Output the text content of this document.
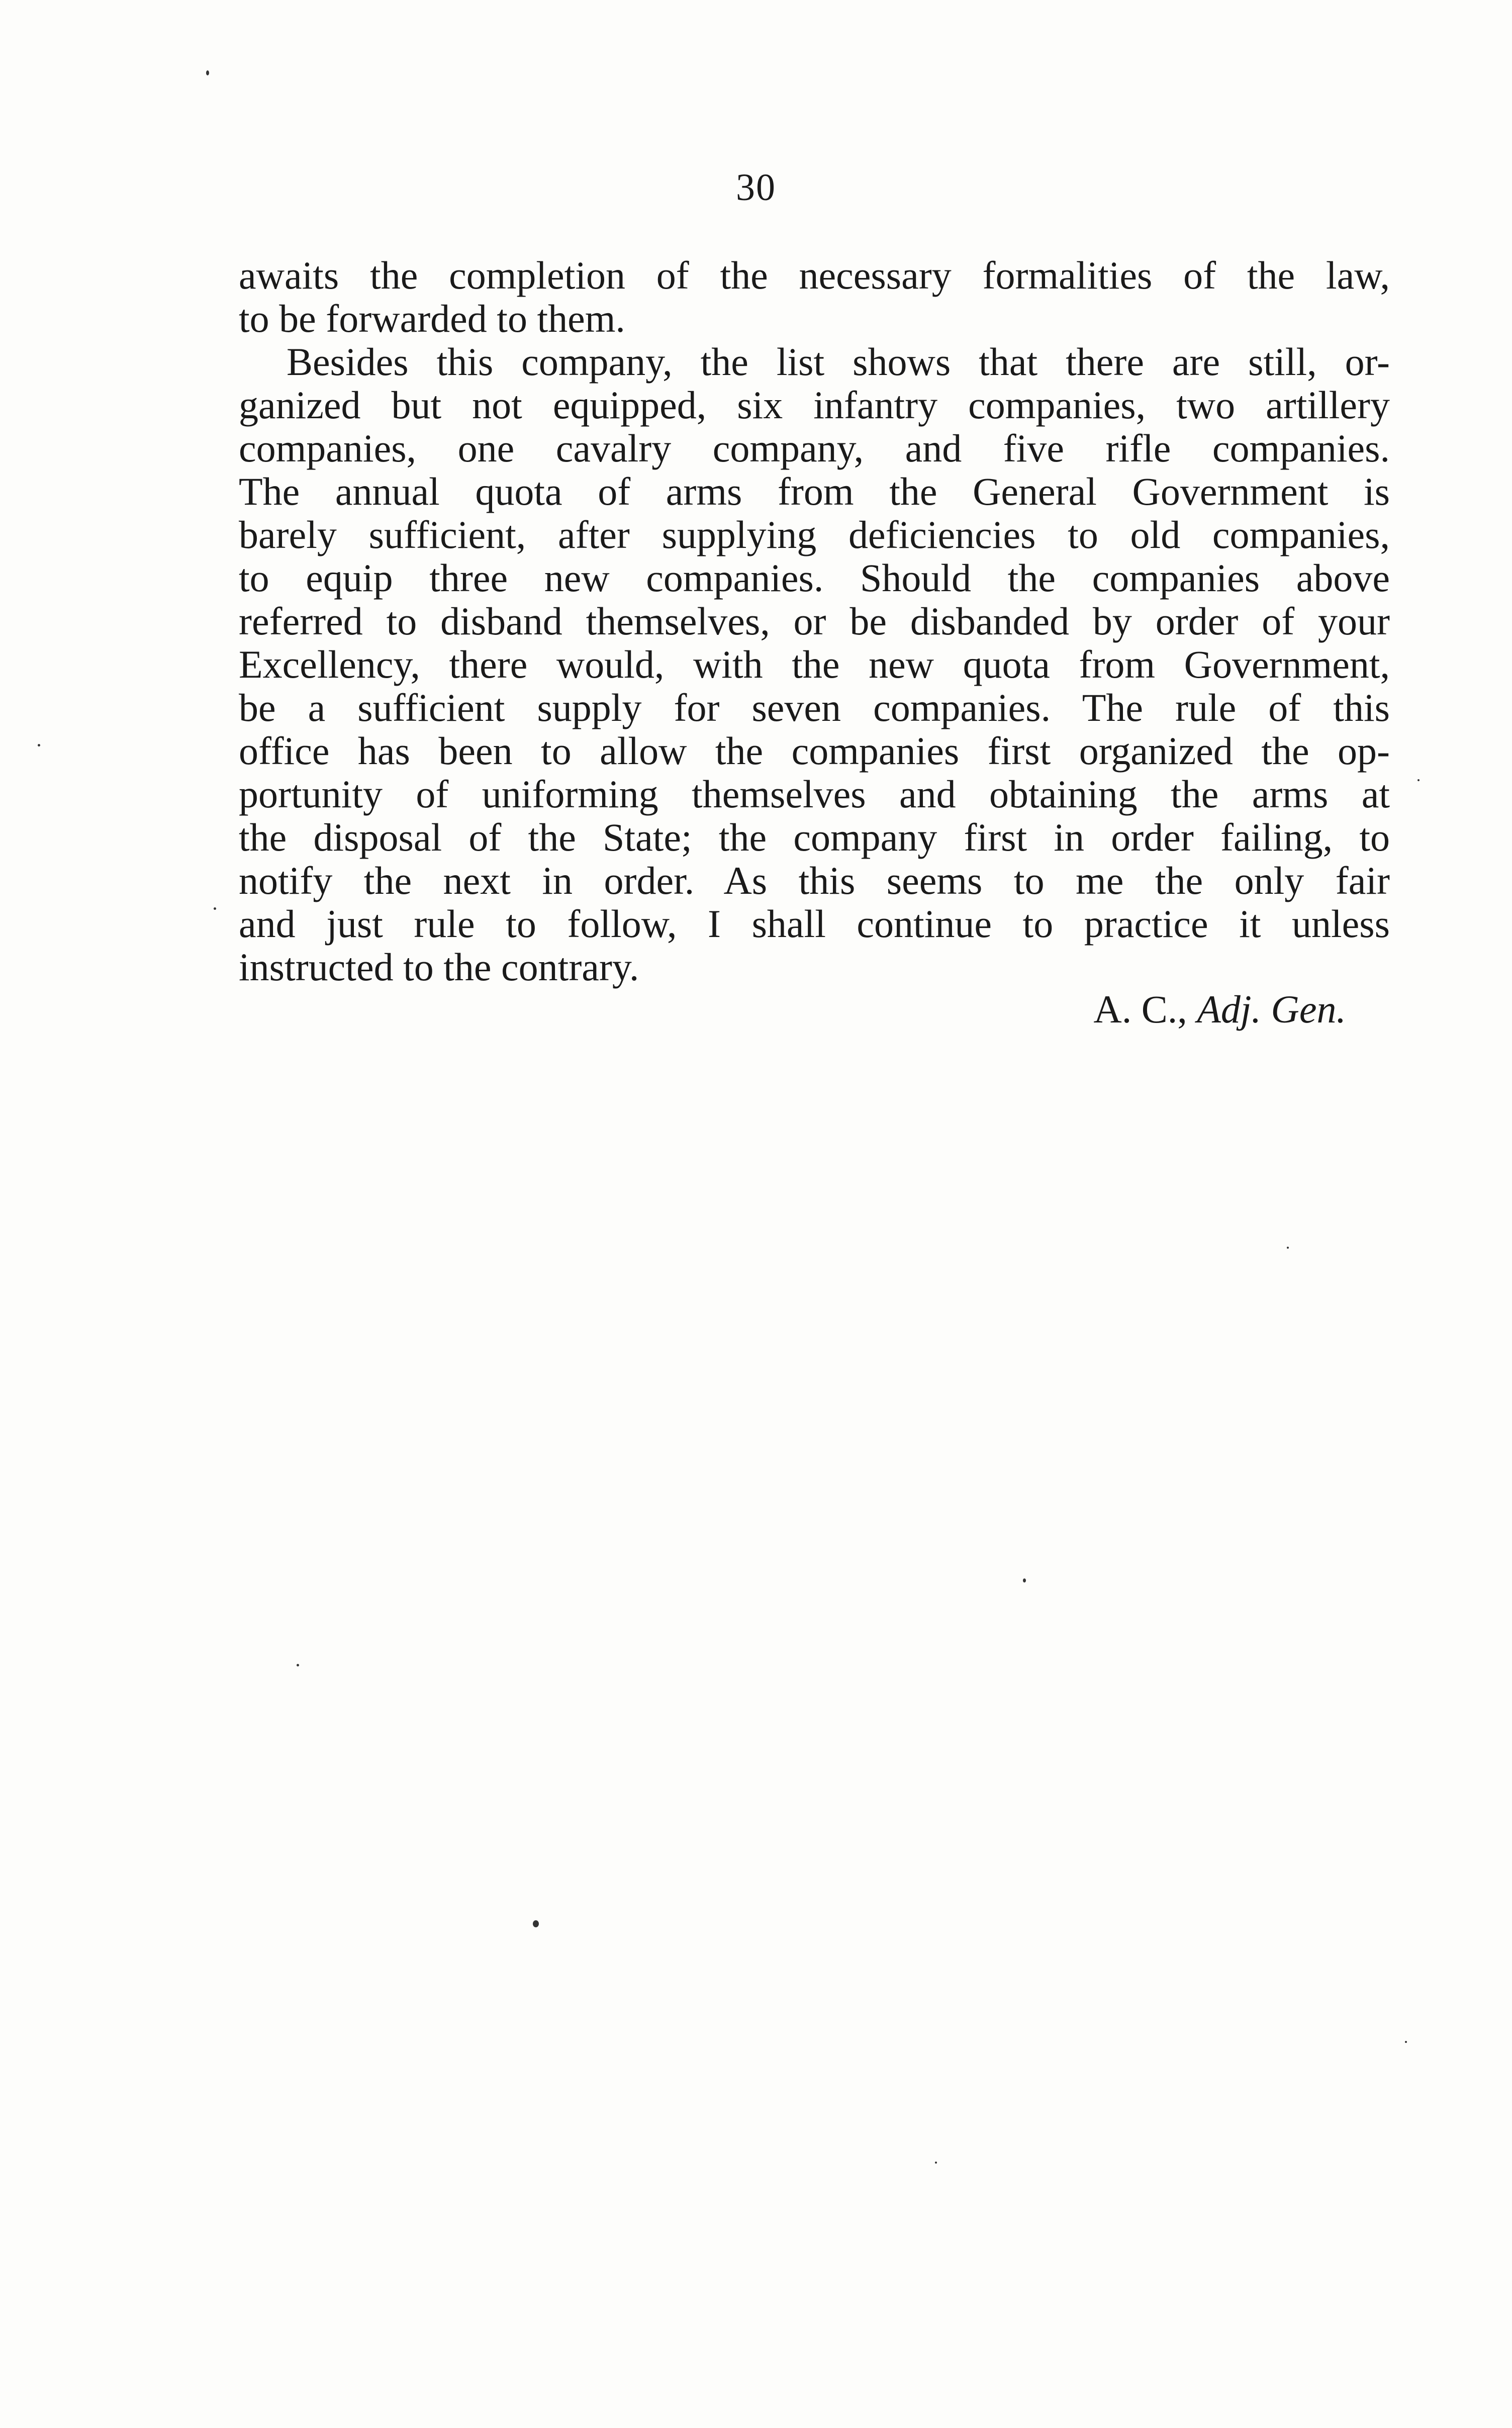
30
awaits the completion of the necessary formalities of the law,
to be forwarded to them.
Besides this company, the list shows that there are still, or-
ganized but not equipped, six infantry companies, two artillery
companies, one cavalry company, and five rifle companies.
The annual quota of arms from the General Government is
barely sufficient, after supplying deficiencies to old companies,
to equip three new companies. Should the companies above
referred to disband themselves, or be disbanded by order of your
Excellency, there would, with the new quota from Government,
be a sufficient supply for seven companies. The rule of this
office has been to allow the companies first organized the op-
portunity of uniforming themselves and obtaining the arms at
the disposal of the State; the company first in order failing, to
notify the next in order. As this seems to me the only fair
and just rule to follow, I shall continue to practice it unless
instructed to the contrary.
A. C., Adj. Gen.
